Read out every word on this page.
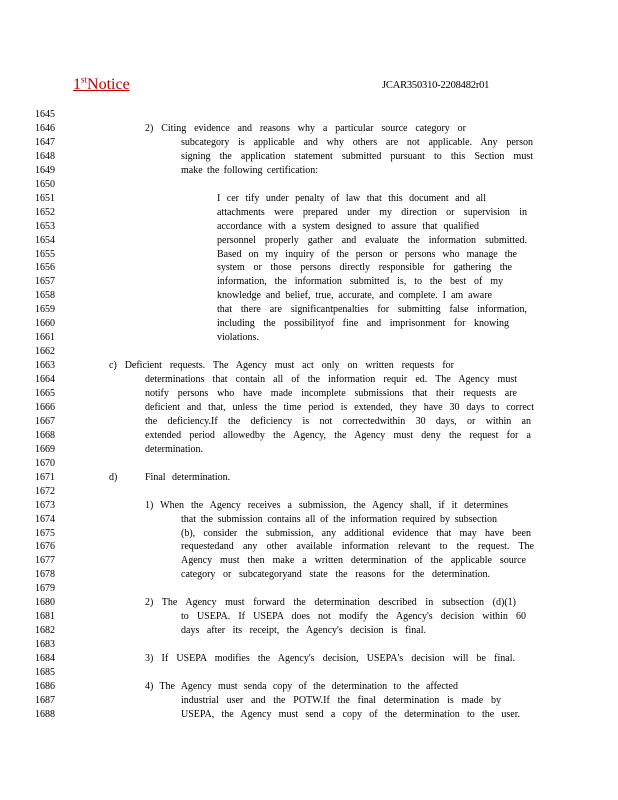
1stNotice	JCAR350310-2208482r01
1645
1646	2) Citing evidence and reasons why a particular source category or
1647	subcategory is applicable and why others are not applicable. Any person
1648	signing the application statement submitted pursuant to this Section must
1649	make the following certification:
1650
1651	I cer tify under penalty of law that this document and all
1652	attachments were prepared under my direction or supervision in
1653	accordance with a system designed to assure that qualified
1654	personnel properly gather and evaluate the information submitted.
1655	Based on my inquiry of the person or persons who manage the
1656	system or those persons directly responsible for gathering the
1657	information, the information submitted is, to the best of my
1658	knowledge and belief, true, accurate, and complete. I am aware
1659	that there are significantpenalties for submitting false information,
1660	including the possibilityof fine and imprisonment for knowing
1661	violations.
1662
1663	c) Deficient requests. The Agency must act only on written requests for
1664	determinations that contain all of the information requir ed. The Agency must
1665	notify persons who have made incomplete submissions that their requests are
1666	deficient and that, unless the time period is extended, they have 30 days to correct
1667	the deficiency.If the deficiency is not correctedwithin 30 days, or within an
1668	extended period allowedby the Agency, the Agency must deny the request for a
1669	determination.
1670
1671	d)
1672
1673	1) When the Agency receives a submission, the Agency shall, if it determines
1674	that the submission contains all of the information required by subsection
1675	(b), consider the submission, any additional evidence that may have been
1676	requestedand any other available information relevant to the request. The
1677	Agency must then make a written determination of the applicable source
1678	category or subcategoryand state the reasons for the determination.
1679
1680	2) The Agency must forward the determination described in subsection (d)(1)
1681	to USEPA. If USEPA does not modify the Agency's decision within 60
1682	days after its receipt, the Agency's decision is final.
1683
1684	3) If USEPA modifies the Agency's decision, USEPA's decision will be final.
1685
1686	4) The Agency must senda copy of the determination to the affected
1687	industrial user and the POTW.If the final determination is made by
1688	USEPA, the Agency must send a copy of the determination to the user.
Final determination.
